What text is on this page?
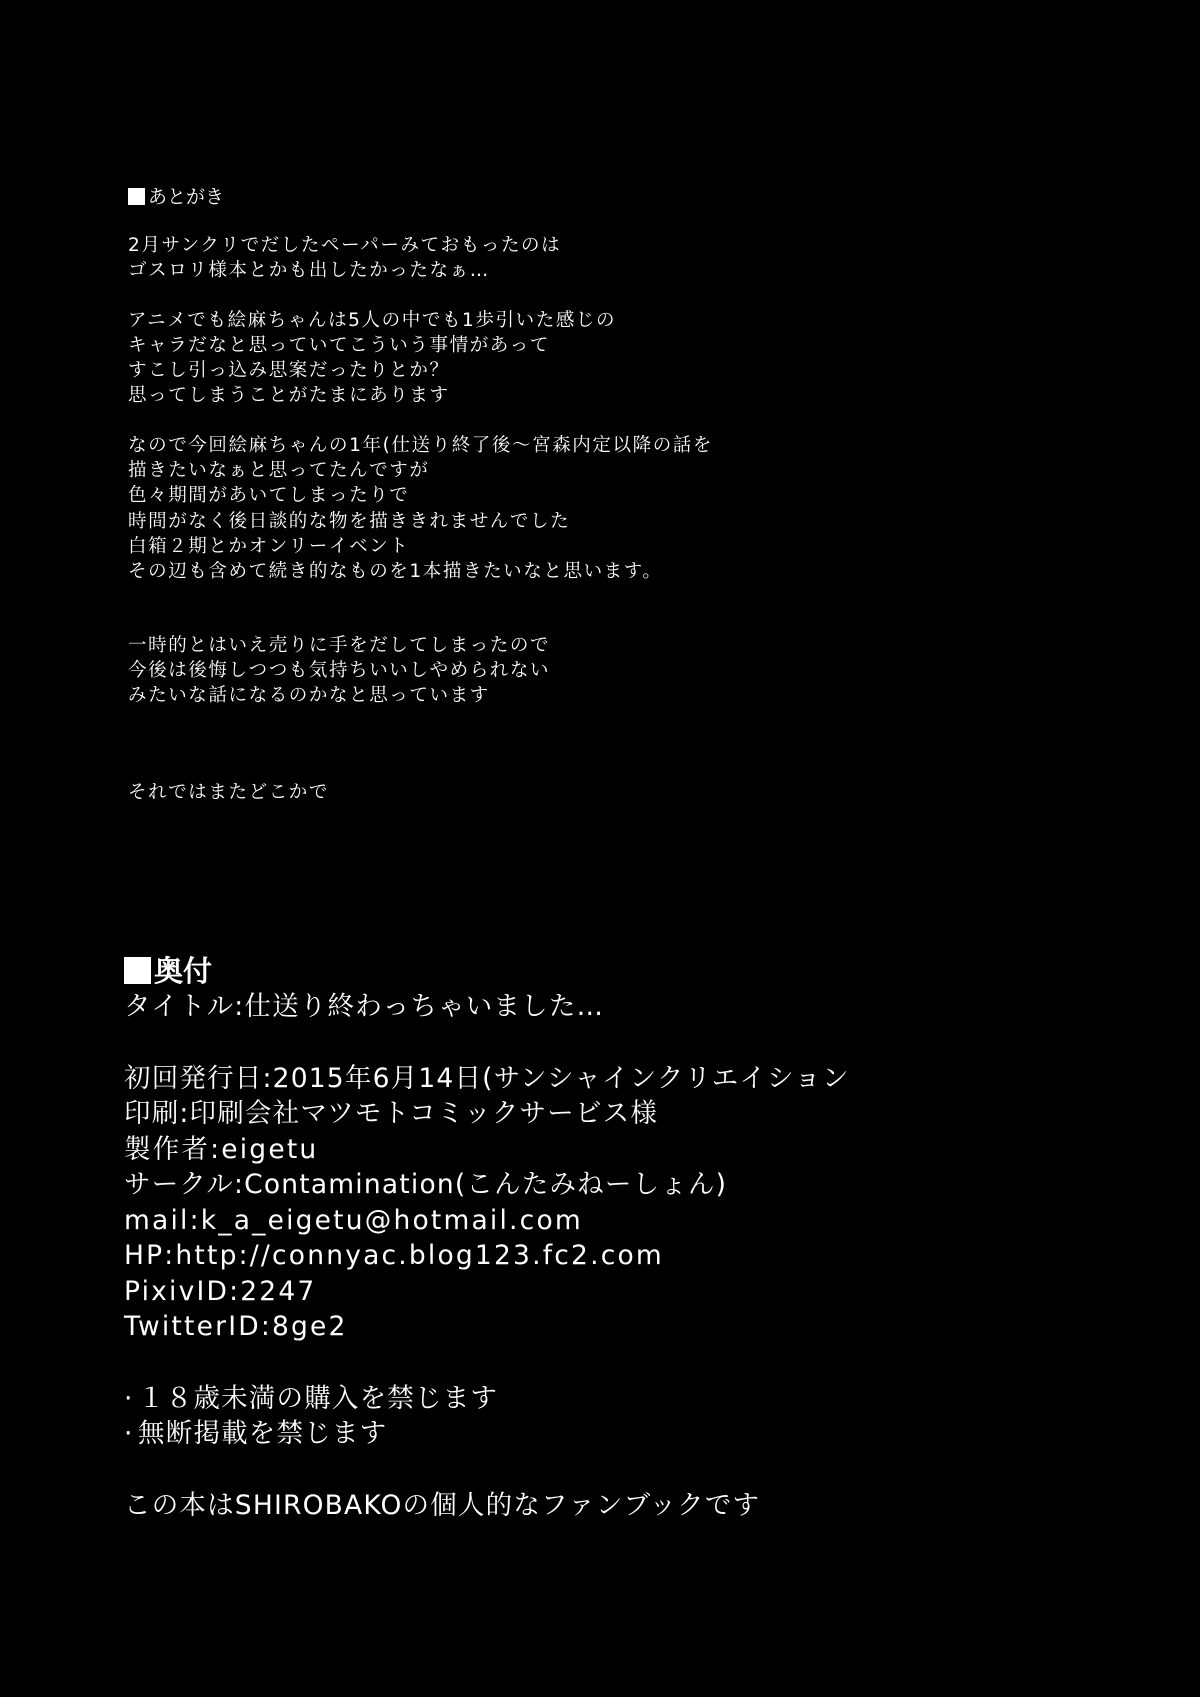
あとがき
2月サンクリでだしたペーパーみておもったのは
ゴスロリ様本とかも出したかったなぁ…
アニメでも絵麻ちゃんは5人の中でも1歩引いた感じの
キャラだなと思っていてこういう事情があって
すこし引っ込み思案だったりとか？
思ってしまうことがたまにあります
なので今回絵麻ちゃんの1年(仕送り終了後～宮森内定以降の話を
描きたいなぁと思ってたんですが
色々期間があいてしまったりで
時間がなく後日談的な物を描ききれませんでした
白箱２期とかオンリーイベント
その辺も含めて続き的なものを1本描きたいなと思います。
一時的とはいえ売りに手をだしてしまったので
今後は後悔しつつも気持ちいいしやめられない
みたいな話になるのかなと思っています
それではまたどこかで
奥付
タイトル:仕送り終わっちゃいました…
初回発行日:2015年6月14日(サンシャインクリエイション
印刷:印刷会社マツモトコミックサービス様
製作者:eigetu
サークル:Contamination(こんたみねーしょん)
mail:k_a_eigetu@hotmail.com
HP:http://connyac.blog123.fc2.com
PixivID:2247
TwitterID:8ge2
· １８歳未満の購入を禁じます
· 無断掲載を禁じます
この本はSHIROBAKOの個人的なファンブックです
